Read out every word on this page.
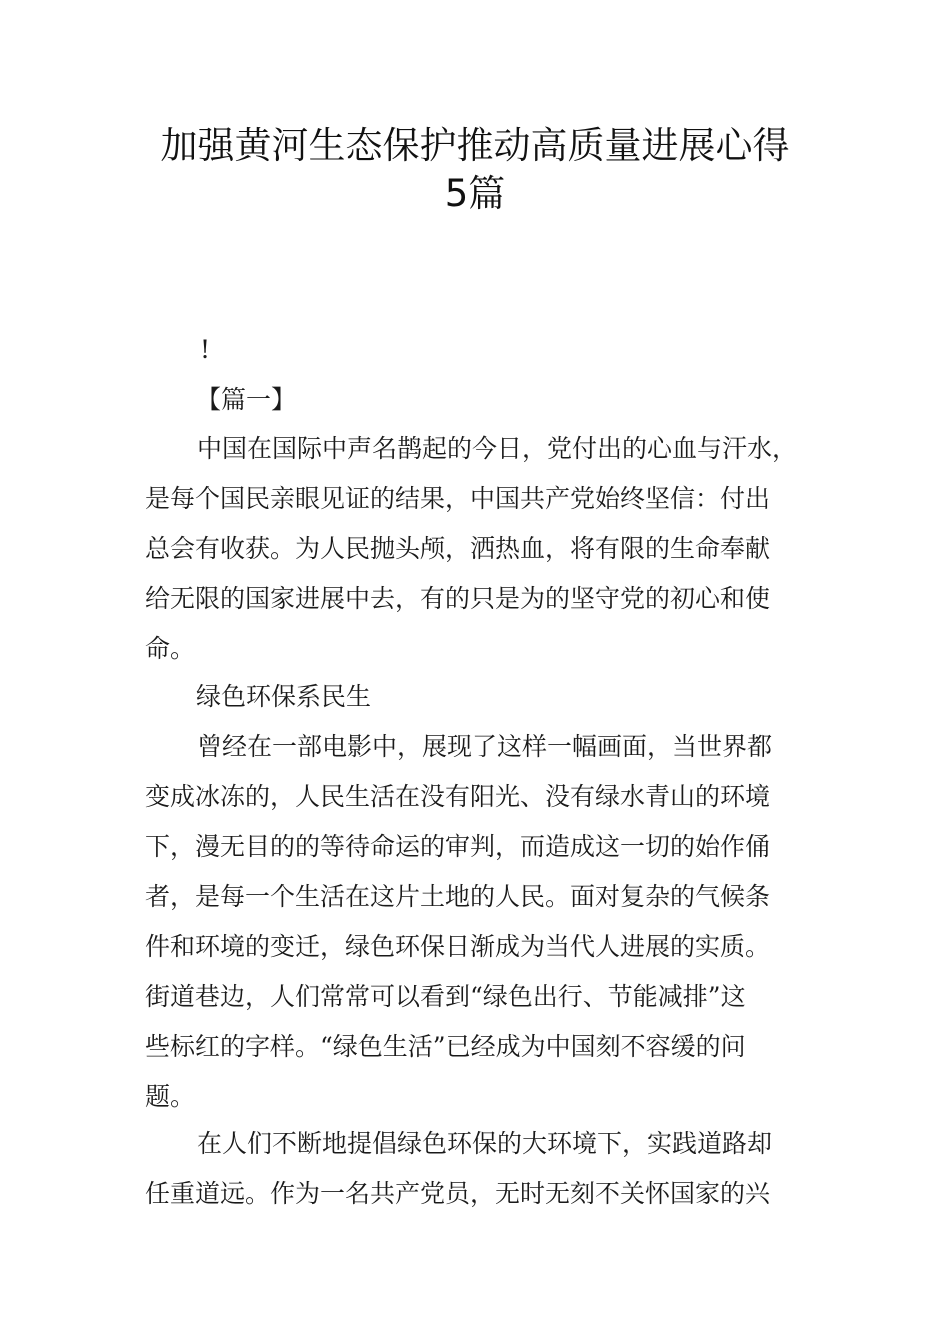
加强黄河生态保护推动高质量进展心得
5篇
!
【篇一】
中国在国际中声名鹊起的今日，党付出的心血与汗水，
是每个国民亲眼见证的结果，中国共产党始终坚信：付出
总会有收获。为人民抛头颅，洒热血，将有限的生命奉献
给无限的国家进展中去，有的只是为的坚守党的初心和使
命。
绿色环保系民生
曾经在一部电影中，展现了这样一幅画面，当世界都
变成冰冻的，人民生活在没有阳光、没有绿水青山的环境
下，漫无目的的等待命运的审判，而造成这一切的始作俑
者，是每一个生活在这片土地的人民。面对复杂的气候条
件和环境的变迁，绿色环保日渐成为当代人进展的实质。
街道巷边，人们常常可以看到“绿色出行、节能减排”这
些标红的字样。“绿色生活”已经成为中国刻不容缓的问
题。
在人们不断地提倡绿色环保的大环境下，实践道路却
任重道远。作为一名共产党员，无时无刻不关怀国家的兴
